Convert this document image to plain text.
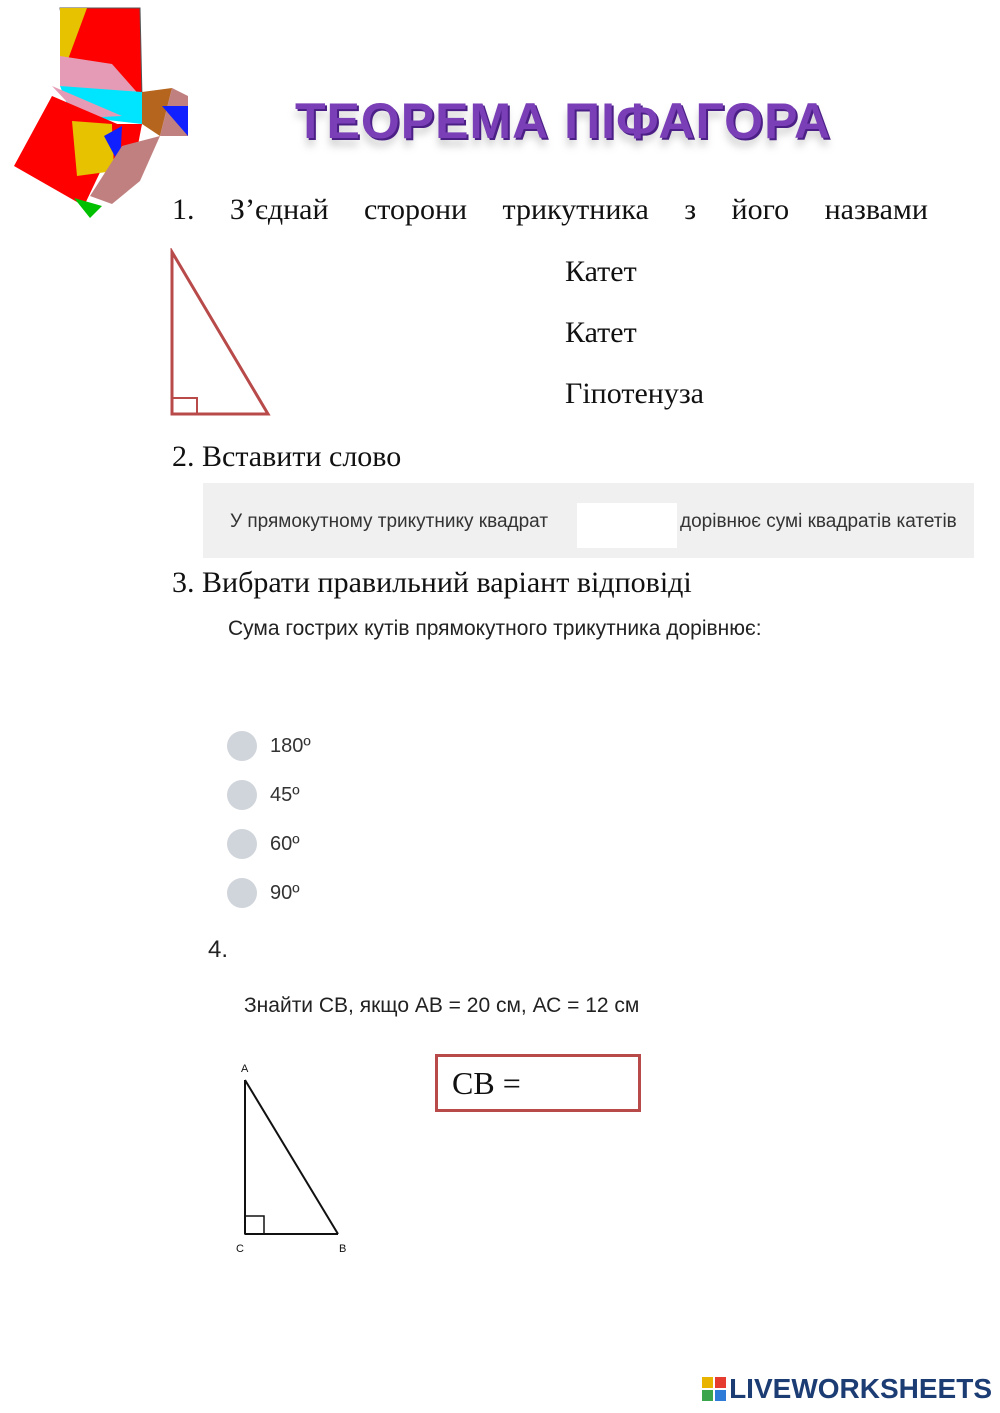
ТЕОРЕМА ПІФАГОРА
1. З’єднай сторони трикутника з його назвами
Катет
Катет
Гіпотенуза
2. Вставити слово
У прямокутному трикутнику квадрат	дорівнює сумі квадратів катетів
3. Вибрати правильний варіант відповіді
Сума гострих кутів прямокутного трикутника дорівнює:
180º
45º
60º
90º
4.
Знайти СВ, якщо АВ = 20 см, АС = 12 см
A
C	B
СВ =
LIVEWORKSHEETS
